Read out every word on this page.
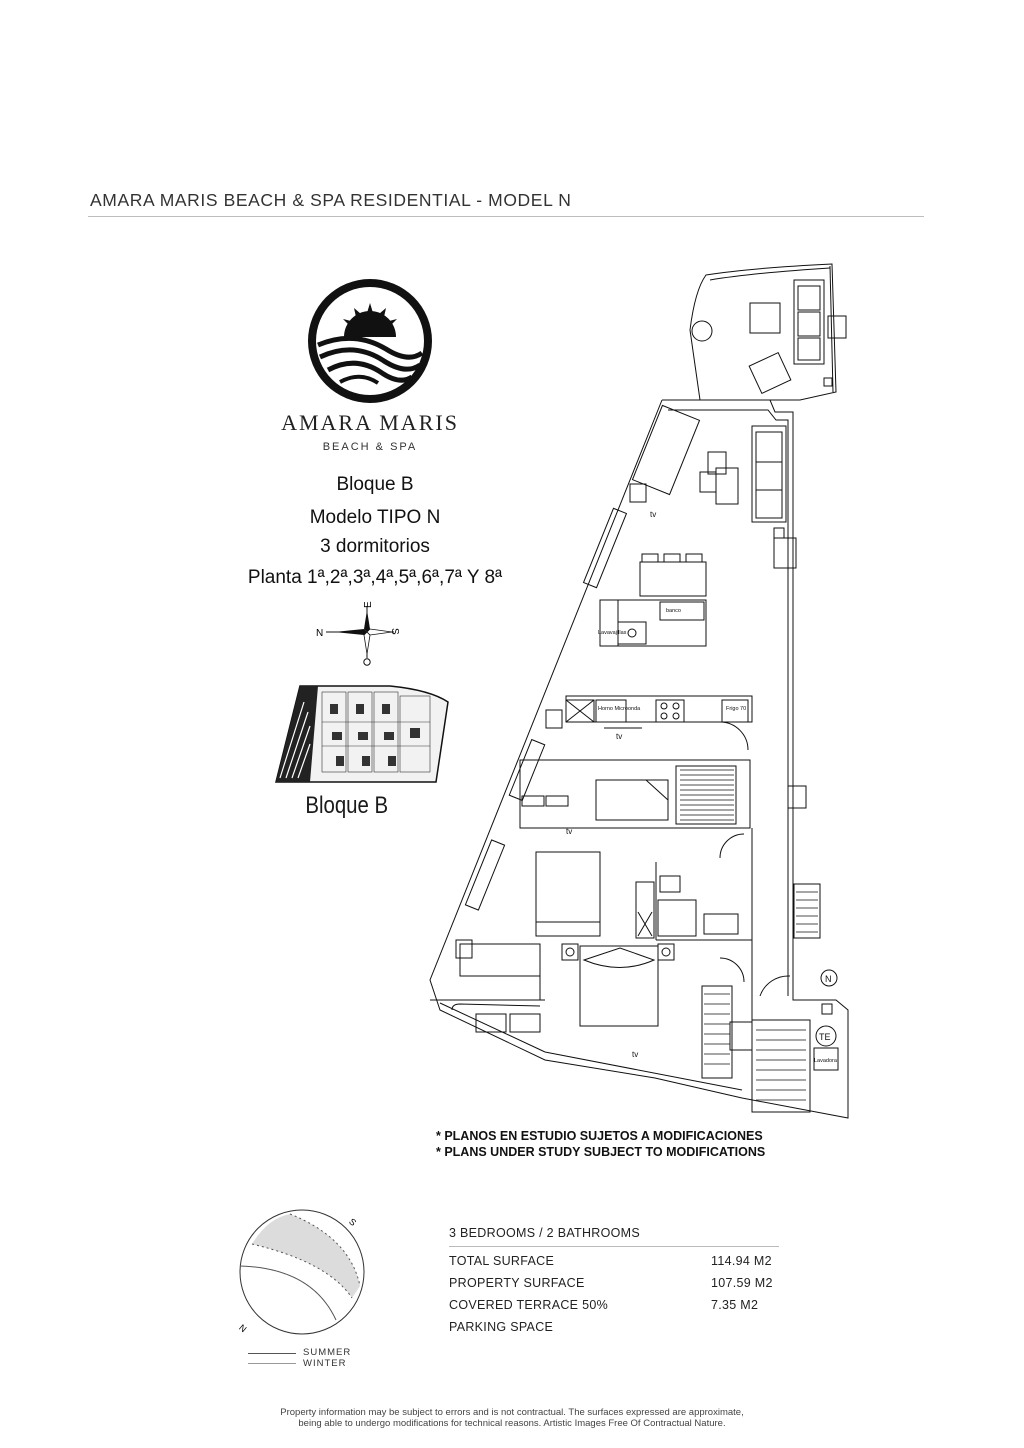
AMARA MARIS BEACH & SPA RESIDENTIAL - MODEL N
AMARA MARIS
BEACH & SPA
Bloque B
Modelo TIPO N
3 dormitorios
Planta 1ª,2ª,3ª,4ª,5ª,6ª,7ª Y 8ª
N
E
S
Bloque B
banco
Lavavajillas
Horno Microonda	Frigo 70
Lavadora
tv
tv
tv
tv
TE
N
* PLANOS EN ESTUDIO SUJETOS A MODIFICACIONES
* PLANS UNDER STUDY SUBJECT TO MODIFICATIONS
S
N
SUMMER
WINTER
3 BEDROOMS / 2 BATHROOMS
TOTAL SURFACE	114.94 M2
PROPERTY SURFACE	107.59 M2
COVERED TERRACE 50%	7.35 M2
PARKING SPACE
Property information may be subject to errors and is not contractual. The surfaces expressed are approximate,
being able to undergo modifications for technical reasons. Artistic Images Free Of Contractual Nature.
